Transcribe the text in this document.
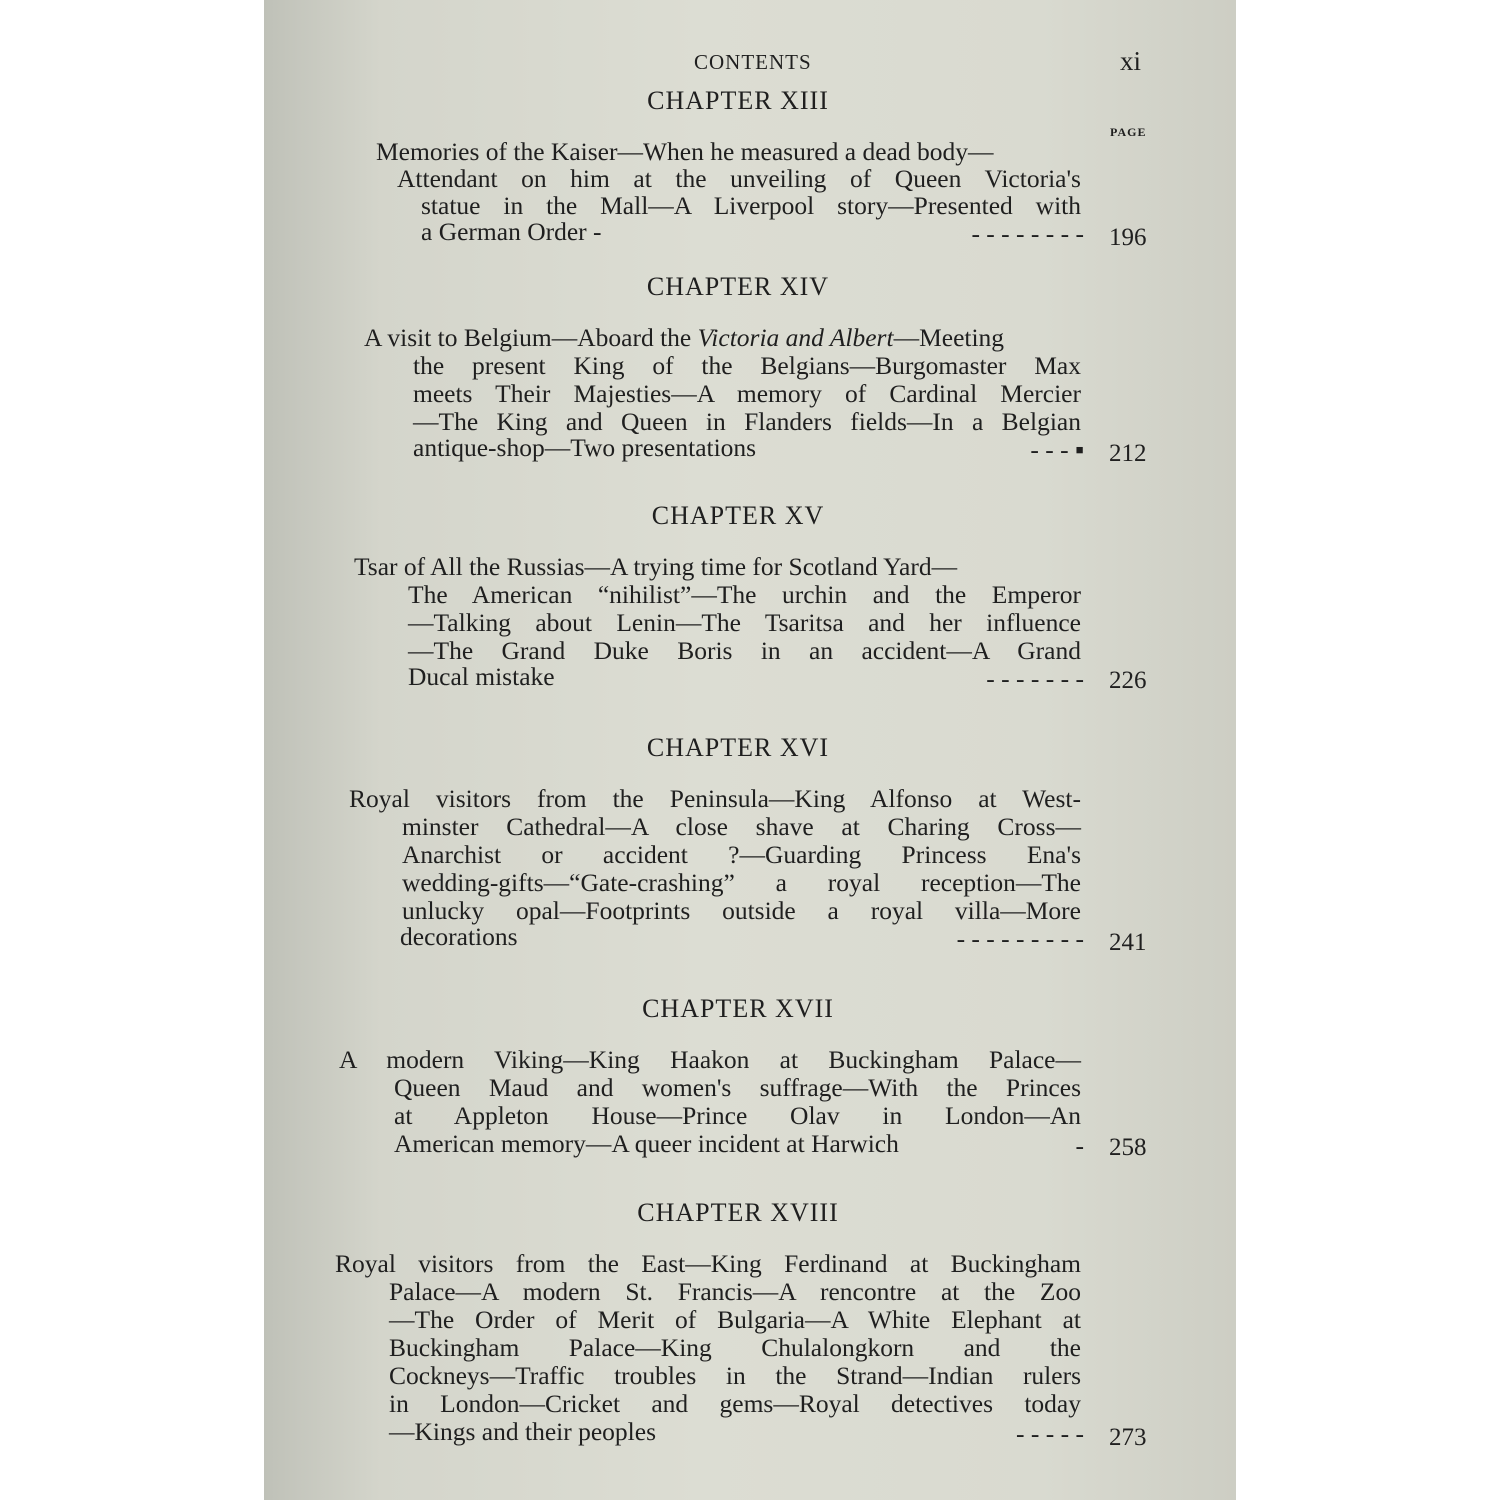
CONTENTS	xi
PAGE
CHAPTER XIII
Memories of the Kaiser—When he measured a dead body—
Attendant on him at the unveiling of Queen Victoria's
statue in the Mall—A Liverpool story—Presented with
a German Order -	- - - - - - - - 196
CHAPTER XIV
A visit to Belgium—Aboard the Victoria and Albert—Meeting
the present King of the Belgians—Burgomaster Max
meets Their Majesties—A memory of Cardinal Mercier
—The King and Queen in Flanders fields—In a Belgian
antique-shop—Two presentations	- - - ▪ 212
CHAPTER XV
Tsar of All the Russias—A trying time for Scotland Yard—
The American “nihilist”—The urchin and the Emperor
—Talking about Lenin—The Tsaritsa and her influence
—The Grand Duke Boris in an accident—A Grand
Ducal mistake	- - - - - - - 226
CHAPTER XVI
Royal visitors from the Peninsula—King Alfonso at West-
minster Cathedral—A close shave at Charing Cross—
Anarchist or accident ?—Guarding Princess Ena's
wedding-gifts—“Gate-crashing” a royal reception—The
unlucky opal—Footprints outside a royal villa—More
decorations	- - - - - - - - - 241
CHAPTER XVII
A modern Viking—King Haakon at Buckingham Palace—
Queen Maud and women's suffrage—With the Princes
at Appleton House—Prince Olav in London—An
American memory—A queer incident at Harwich	- 258
CHAPTER XVIII
Royal visitors from the East—King Ferdinand at Buckingham
Palace—A modern St. Francis—A rencontre at the Zoo
—The Order of Merit of Bulgaria—A White Elephant at
Buckingham Palace—King Chulalongkorn and the
Cockneys—Traffic troubles in the Strand—Indian rulers
in London—Cricket and gems—Royal detectives today
—Kings and their peoples	- - - - - 273
